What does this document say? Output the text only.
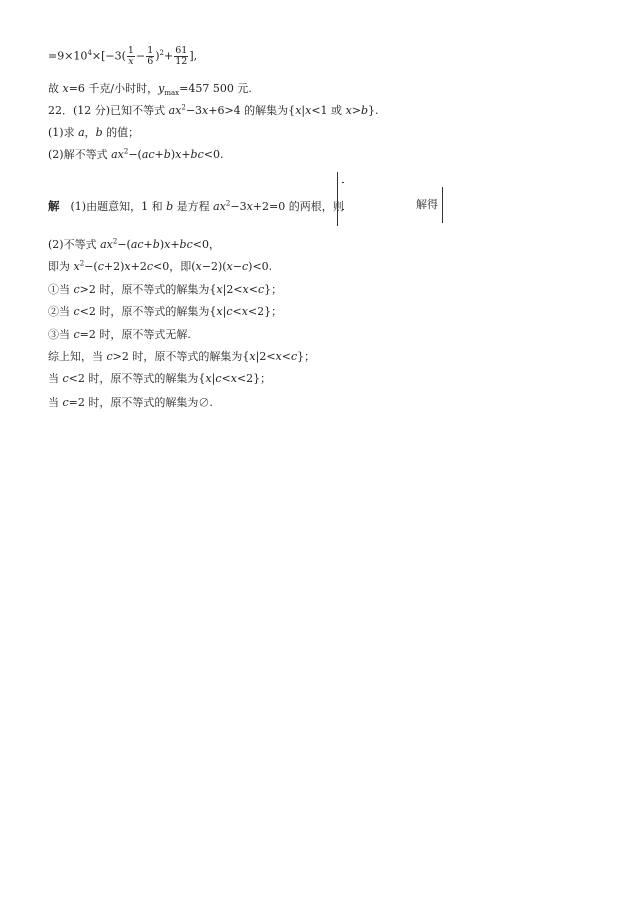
$=9\times 10^4\times[-3( \frac{1}{x} - \frac{1}{6} )^2+ \frac{61}{12}$ ],
故 x=6 千克/小时时，$y_{max}=457$ 500 元.
22．(12 分)已知不等式 $ax^2-3x+6>4$ 的解集为{x|x<1 或 x>b}.
(1)求 a，b 的值；
(2)解不等式 $ax^2-(ac+b)x+bc<0$.
解　(1)由题意知，1 和 b 是方程 $ax^2-3x+2=0$ 的两根，则	解得
(2)不等式 $ax^2-(ac+b)x+bc<0$，
即为 $x^2-(c+2)x+2c<0$，即(x−2)(x−c)<0.
①当 c>2 时，原不等式的解集为{x|2<x<c}；
②当 c<2 时，原不等式的解集为{x|c<x<2}；
③当 c=2 时，原不等式无解.
综上知，当 c>2 时，原不等式的解集为{x|2<x<c}；
当 c<2 时，原不等式的解集为{x|c<x<2}；
当 c=2 时，原不等式的解集为∅.
